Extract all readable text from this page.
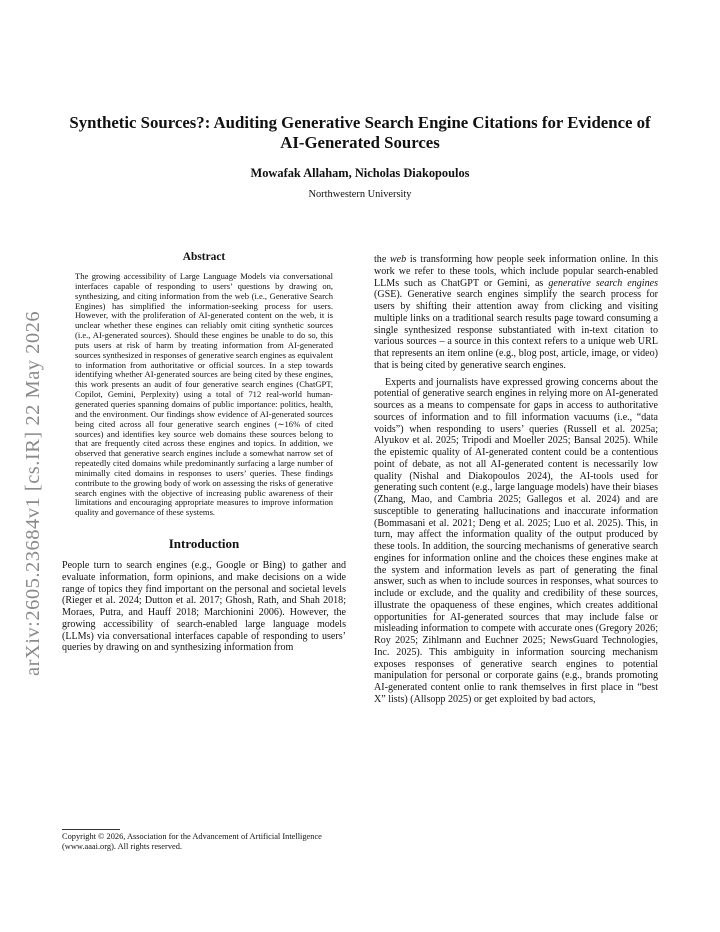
arXiv:2605.23684v1 [cs.IR] 22 May 2026
Synthetic Sources?: Auditing Generative Search Engine Citations for Evidence of AI-Generated Sources

Mowafak Allaham, Nicholas Diakopoulos

Northwestern University

Abstract

The growing accessibility of Large Language Models via conversational interfaces capable of responding to users’ questions by drawing on, synthesizing, and citing information from the web (i.e., Generative Search Engines) has simplified the information-seeking process for users. However, with the proliferation of AI-generated content on the web, it is unclear whether these engines can reliably omit citing synthetic sources (i.e., AI-generated sources). Should these engines be unable to do so, this puts users at risk of harm by treating information from AI-generated sources synthesized in responses of generative search engines as equivalent to information from authoritative or official sources. In a step towards identifying whether AI-generated sources are being cited by these engines, this work presents an audit of four generative search engines (ChatGPT, Copilot, Gemini, Perplexity) using a total of 712 real-world human-generated queries spanning domains of public importance: politics, health, and the environment. Our findings show evidence of AI-generated sources being cited across all four generative search engines (∼16% of cited sources) and identifies key source web domains these sources belong to that are frequently cited across these engines and topics. In addition, we observed that generative search engines include a somewhat narrow set of repeatedly cited domains while predominantly surfacing a large number of minimally cited domains in responses to users’ queries. These findings contribute to the growing body of work on assessing the risks of generative search engines with the objective of increasing public awareness of their limitations and encouraging appropriate measures to improve information quality and governance of these systems.

Introduction

People turn to search engines (e.g., Google or Bing) to gather and evaluate information, form opinions, and make decisions on a wide range of topics they find important on the personal and societal levels (Rieger et al. 2024; Dutton et al. 2017; Ghosh, Rath, and Shah 2018; Moraes, Putra, and Hauff 2018; Marchionini 2006). However, the growing accessibility of search-enabled large language models (LLMs) via conversational interfaces capable of responding to users’ queries by drawing on and synthesizing information from

the web is transforming how people seek information online. In this work we refer to these tools, which include popular search-enabled LLMs such as ChatGPT or Gemini, as generative search engines (GSE). Generative search engines simplify the search process for users by shifting their attention away from clicking and visiting multiple links on a traditional search results page toward consuming a single synthesized response substantiated with in-text citation to various sources – a source in this context refers to a unique web URL that represents an item online (e.g., blog post, article, image, or video) that is being cited by generative search engines.

Experts and journalists have expressed growing concerns about the potential of generative search engines in relying more on AI-generated sources as a means to compensate for gaps in access to authoritative sources of information and to fill information vacuums (i.e., “data voids”) when responding to users’ queries (Russell et al. 2025a; Alyukov et al. 2025; Tripodi and Moeller 2025; Bansal 2025). While the epistemic quality of AI-generated content could be a contentious point of debate, as not all AI-generated content is necessarily low quality (Nishal and Diakopoulos 2024), the AI-tools used for generating such content (e.g., large language models) have their biases (Zhang, Mao, and Cambria 2025; Gallegos et al. 2024) and are susceptible to generating hallucinations and inaccurate information (Bommasani et al. 2021; Deng et al. 2025; Luo et al. 2025). This, in turn, may affect the information quality of the output produced by these tools. In addition, the sourcing mechanisms of generative search engines for information online and the choices these engines make at the system and information levels as part of generating the final answer, such as when to include sources in responses, what sources to include or exclude, and the quality and credibility of these sources, illustrate the opaqueness of these engines, which creates additional opportunities for AI-generated sources that may include false or misleading information to compete with accurate ones (Gregory 2026; Roy 2025; Zihlmann and Euchner 2025; NewsGuard Technologies, Inc. 2025). This ambiguity in information sourcing mechanism exposes responses of generative search engines to potential manipulation for personal or corporate gains (e.g., brands promoting AI-generated content onlie to rank themselves in first place in “best X” lists) (Allsopp 2025) or get exploited by bad actors,

Copyright © 2026, Association for the Advancement of Artificial Intelligence (www.aaai.org). All rights reserved.
